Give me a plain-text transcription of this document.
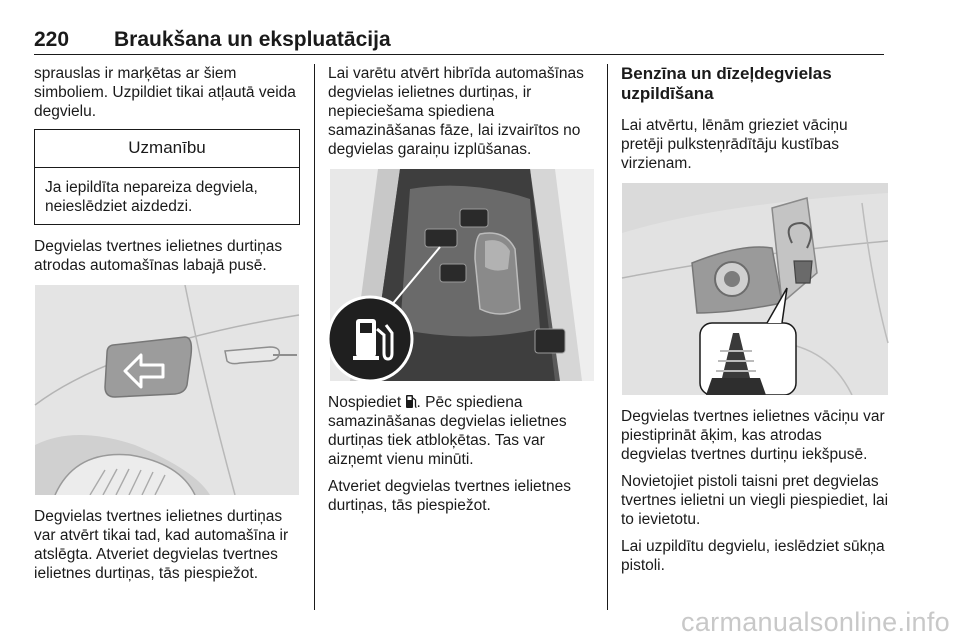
220 Braukšana un ekspluatācija

sprauslas ir marķētas ar šiem simboliem. Uzpildiet tikai atļautā veida degvielu.

Uzmanību
Ja iepildīta nepareiza degviela, neieslēdziet aizdedzi.

Degvielas tvertnes ielietnes durtiņas atrodas automašīnas labajā pusē.

Degvielas tvertnes ielietnes durtiņas var atvērt tikai tad, kad automašīna ir atslēgta. Atveriet degvielas tvertnes ielietnes durtiņas, tās piespiežot.

Lai varētu atvērt hibrīda automašīnas degvielas ielietnes durtiņas, ir nepieciešama spiediena samazināšanas fāze, lai izvairītos no degvielas garaiņu izplūšanas.

Nospiediet . Pēc spiediena samazināšanas degvielas ielietnes durtiņas tiek atbloķētas. Tas var aizņemt vienu minūti.

Atveriet degvielas tvertnes ielietnes durtiņas, tās piespiežot.

Benzīna un dīzeļdegvielas uzpildīšana

Lai atvērtu, lēnām grieziet vāciņu pretēji pulksteņrādītāju kustības virzienam.

Degvielas tvertnes ielietnes vāciņu var piestiprināt āķim, kas atrodas degvielas tvertnes durtiņu iekšpusē.

Novietojiet pistoli taisni pret degvielas tvertnes ielietni un viegli piespiediet, lai to ievietotu.

Lai uzpildītu degvielu, ieslēdziet sūkņa pistoli.

carmanualsonline.info
